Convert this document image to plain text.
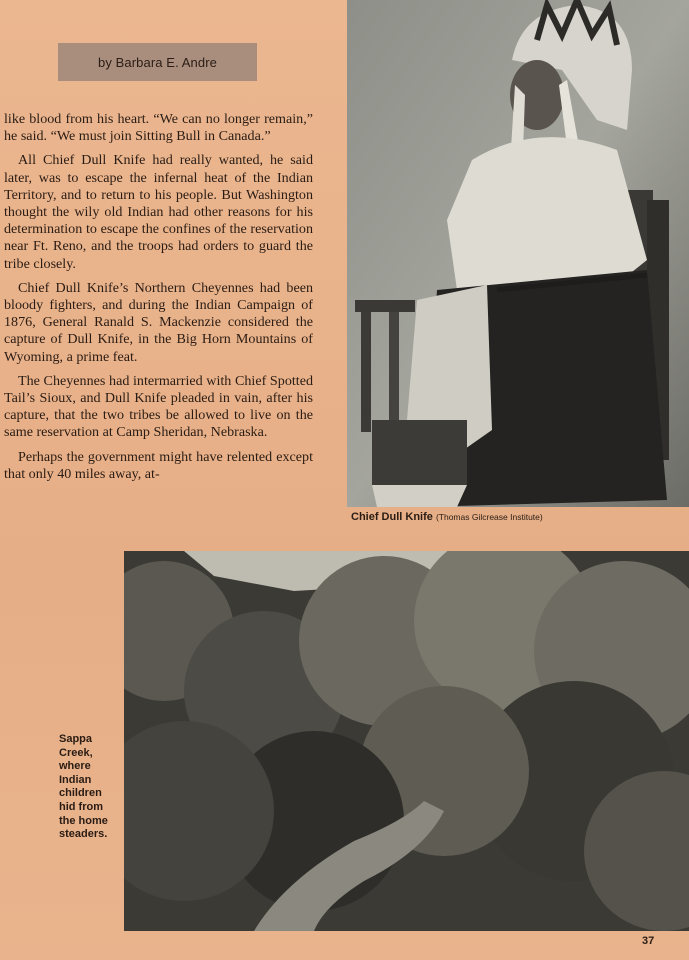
by Barbara E. Andre

like blood from his heart. “We can no longer remain,” he said. “We must join Sitting Bull in Canada.”

All Chief Dull Knife had really wanted, he said later, was to escape the infernal heat of the Indian Territory, and to return to his people. But Washington thought the wily old Indian had other reasons for his determination to escape the confines of the reservation near Ft. Reno, and the troops had orders to guard the tribe closely.

Chief Dull Knife’s Northern Cheyennes had been bloody fighters, and during the Indian Campaign of 1876, General Ranald S. Mackenzie considered the capture of Dull Knife, in the Big Horn Mountains of Wyoming, a prime feat.

The Cheyennes had intermarried with Chief Spotted Tail’s Sioux, and Dull Knife pleaded in vain, after his capture, that the two tribes be allowed to live on the same reservation at Camp Sheridan, Nebraska.

Perhaps the government might have relented except that only 40 miles away, at-

Chief Dull Knife (Thomas Gilcrease Institute)
Sappa
Creek,
where
Indian
children
hid from
the home
steaders.
37
